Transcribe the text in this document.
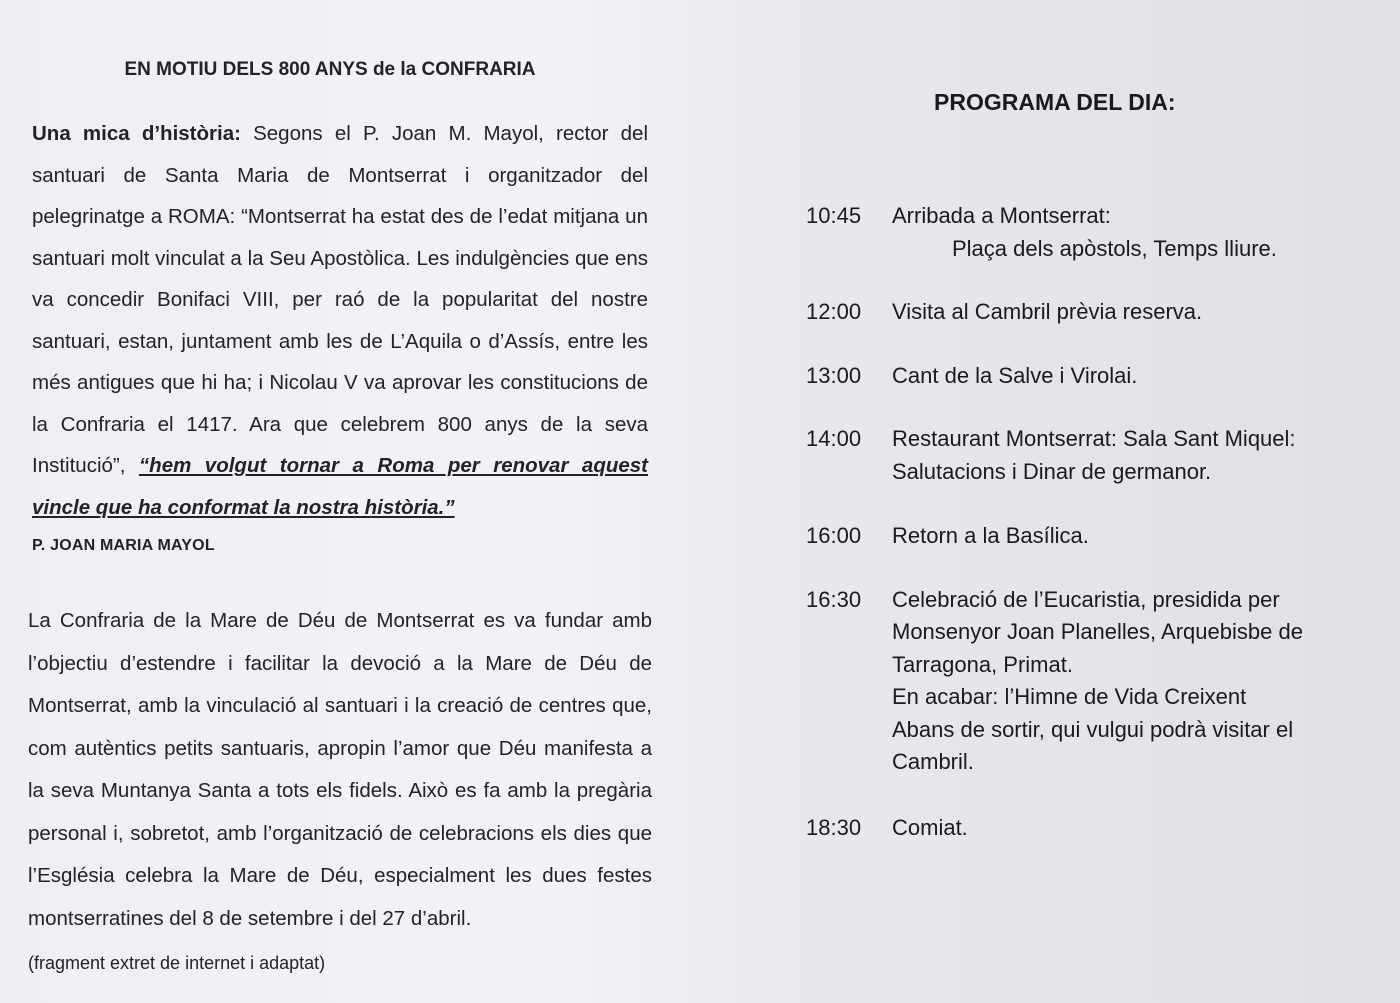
EN MOTIU DELS 800 ANYS de la CONFRARIA
Una mica d’història: Segons el P. Joan M. Mayol, rector del santuari de Santa Maria de Montserrat i organitzador del pelegrinatge a ROMA: “Montserrat ha estat des de l’edat mitjana un santuari molt vinculat a la Seu Apostòlica. Les indulgències que ens va concedir Bonifaci VIII, per raó de la popularitat del nostre santuari, estan, juntament amb les de L’Aquila o d’Assís, entre les més antigues que hi ha; i Nicolau V va aprovar les constitucions de la Confraria el 1417. Ara que celebrem 800 anys de la seva Institució”, “hem volgut tornar a Roma per renovar aquest vincle que ha conformat la nostra història.”
P. JOAN MARIA MAYOL
La Confraria de la Mare de Déu de Montserrat es va fundar amb l’objectiu d’estendre i facilitar la devoció a la Mare de Déu de Montserrat, amb la vinculació al santuari i la creació de centres que, com autèntics petits santuaris, apropin l’amor que Déu manifesta a la seva Muntanya Santa a tots els fidels. Això es fa amb la pregària personal i, sobretot, amb l’organització de celebracions els dies que l’Església celebra la Mare de Déu, especialment les dues festes montserratines del 8 de setembre i del 27 d’abril.
(fragment extret de internet i adaptat)
PROGRAMA DEL DIA:
10:45	Arribada a Montserrat:
Plaça dels apòstols, Temps lliure.
12:00	Visita al Cambril prèvia reserva.
13:00	Cant de la Salve i Virolai.
14:00	Restaurant Montserrat: Sala Sant Miquel:
Salutacions i Dinar de germanor.
16:00	Retorn a la Basílica.
16:30	Celebració de l’Eucaristia, presidida per
Monsenyor Joan Planelles, Arquebisbe de
Tarragona, Primat.
En acabar: l’Himne de Vida Creixent
Abans de sortir, qui vulgui podrà visitar el
Cambril.
18:30	Comiat.
